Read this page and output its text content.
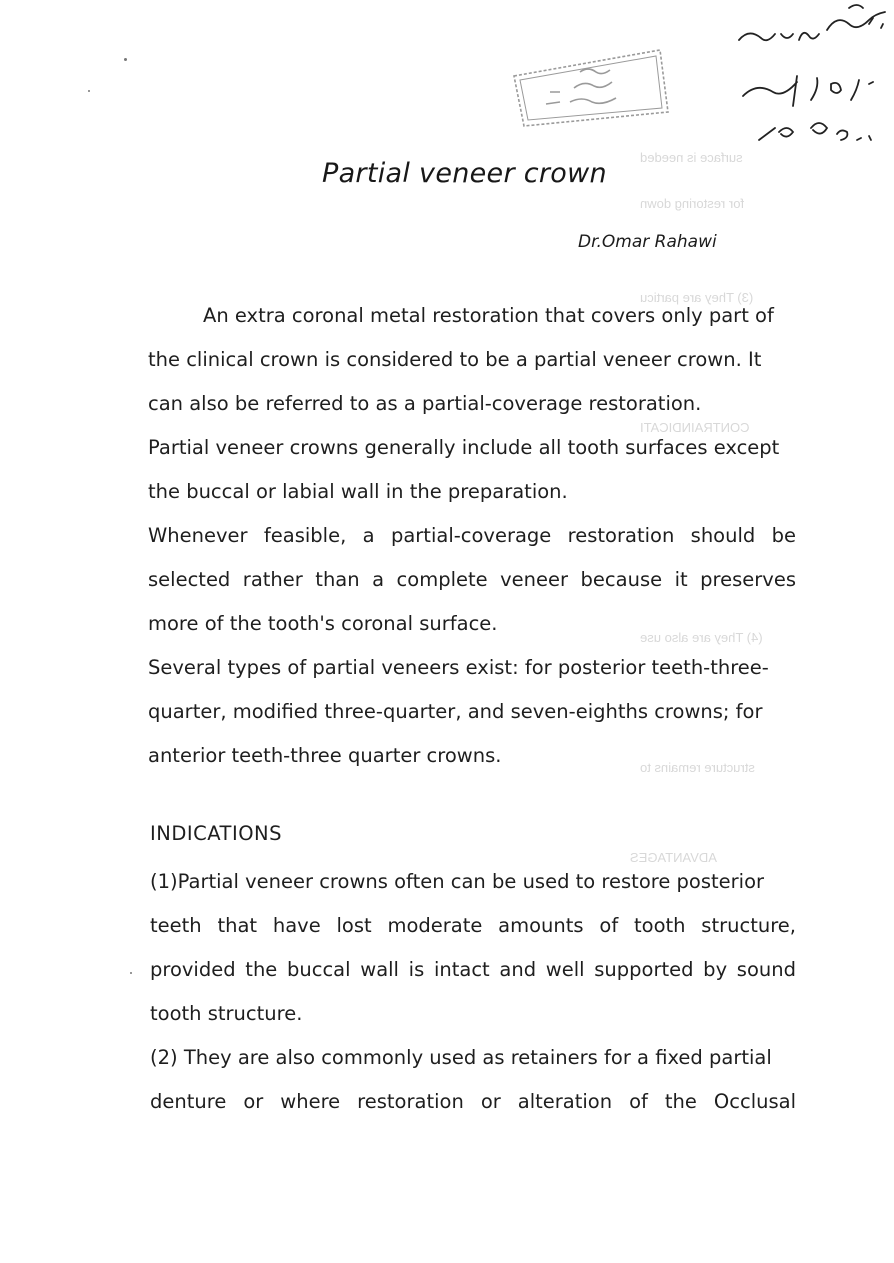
surface is needed
for restoring down
(3) They are particu
CONTRAINDICATI
(4) They are also use
structure remains to
ADVANTAGES
Partial veneer crown
Dr.Omar Rahawi
An extra coronal metal restoration that covers only part of
the clinical crown is considered to be a partial veneer crown. It
can also be referred to as a partial-coverage restoration.
Partial veneer crowns generally include all tooth surfaces except
the buccal or labial wall in the preparation.
Whenever feasible, a partial-coverage restoration should be
selected rather than a complete veneer because it preserves
more of the tooth's coronal surface.
Several types of partial veneers exist: for posterior teeth-three-
quarter, modified three-quarter, and seven-eighths crowns; for
anterior teeth-three quarter crowns.
INDICATIONS
(1)Partial veneer crowns often can be used to restore posterior
teeth that have lost moderate amounts of tooth structure,
provided the buccal wall is intact and well supported by sound
tooth structure.
(2) They are also commonly used as retainers for a fixed partial
denture or where restoration or alteration of the Occlusal
